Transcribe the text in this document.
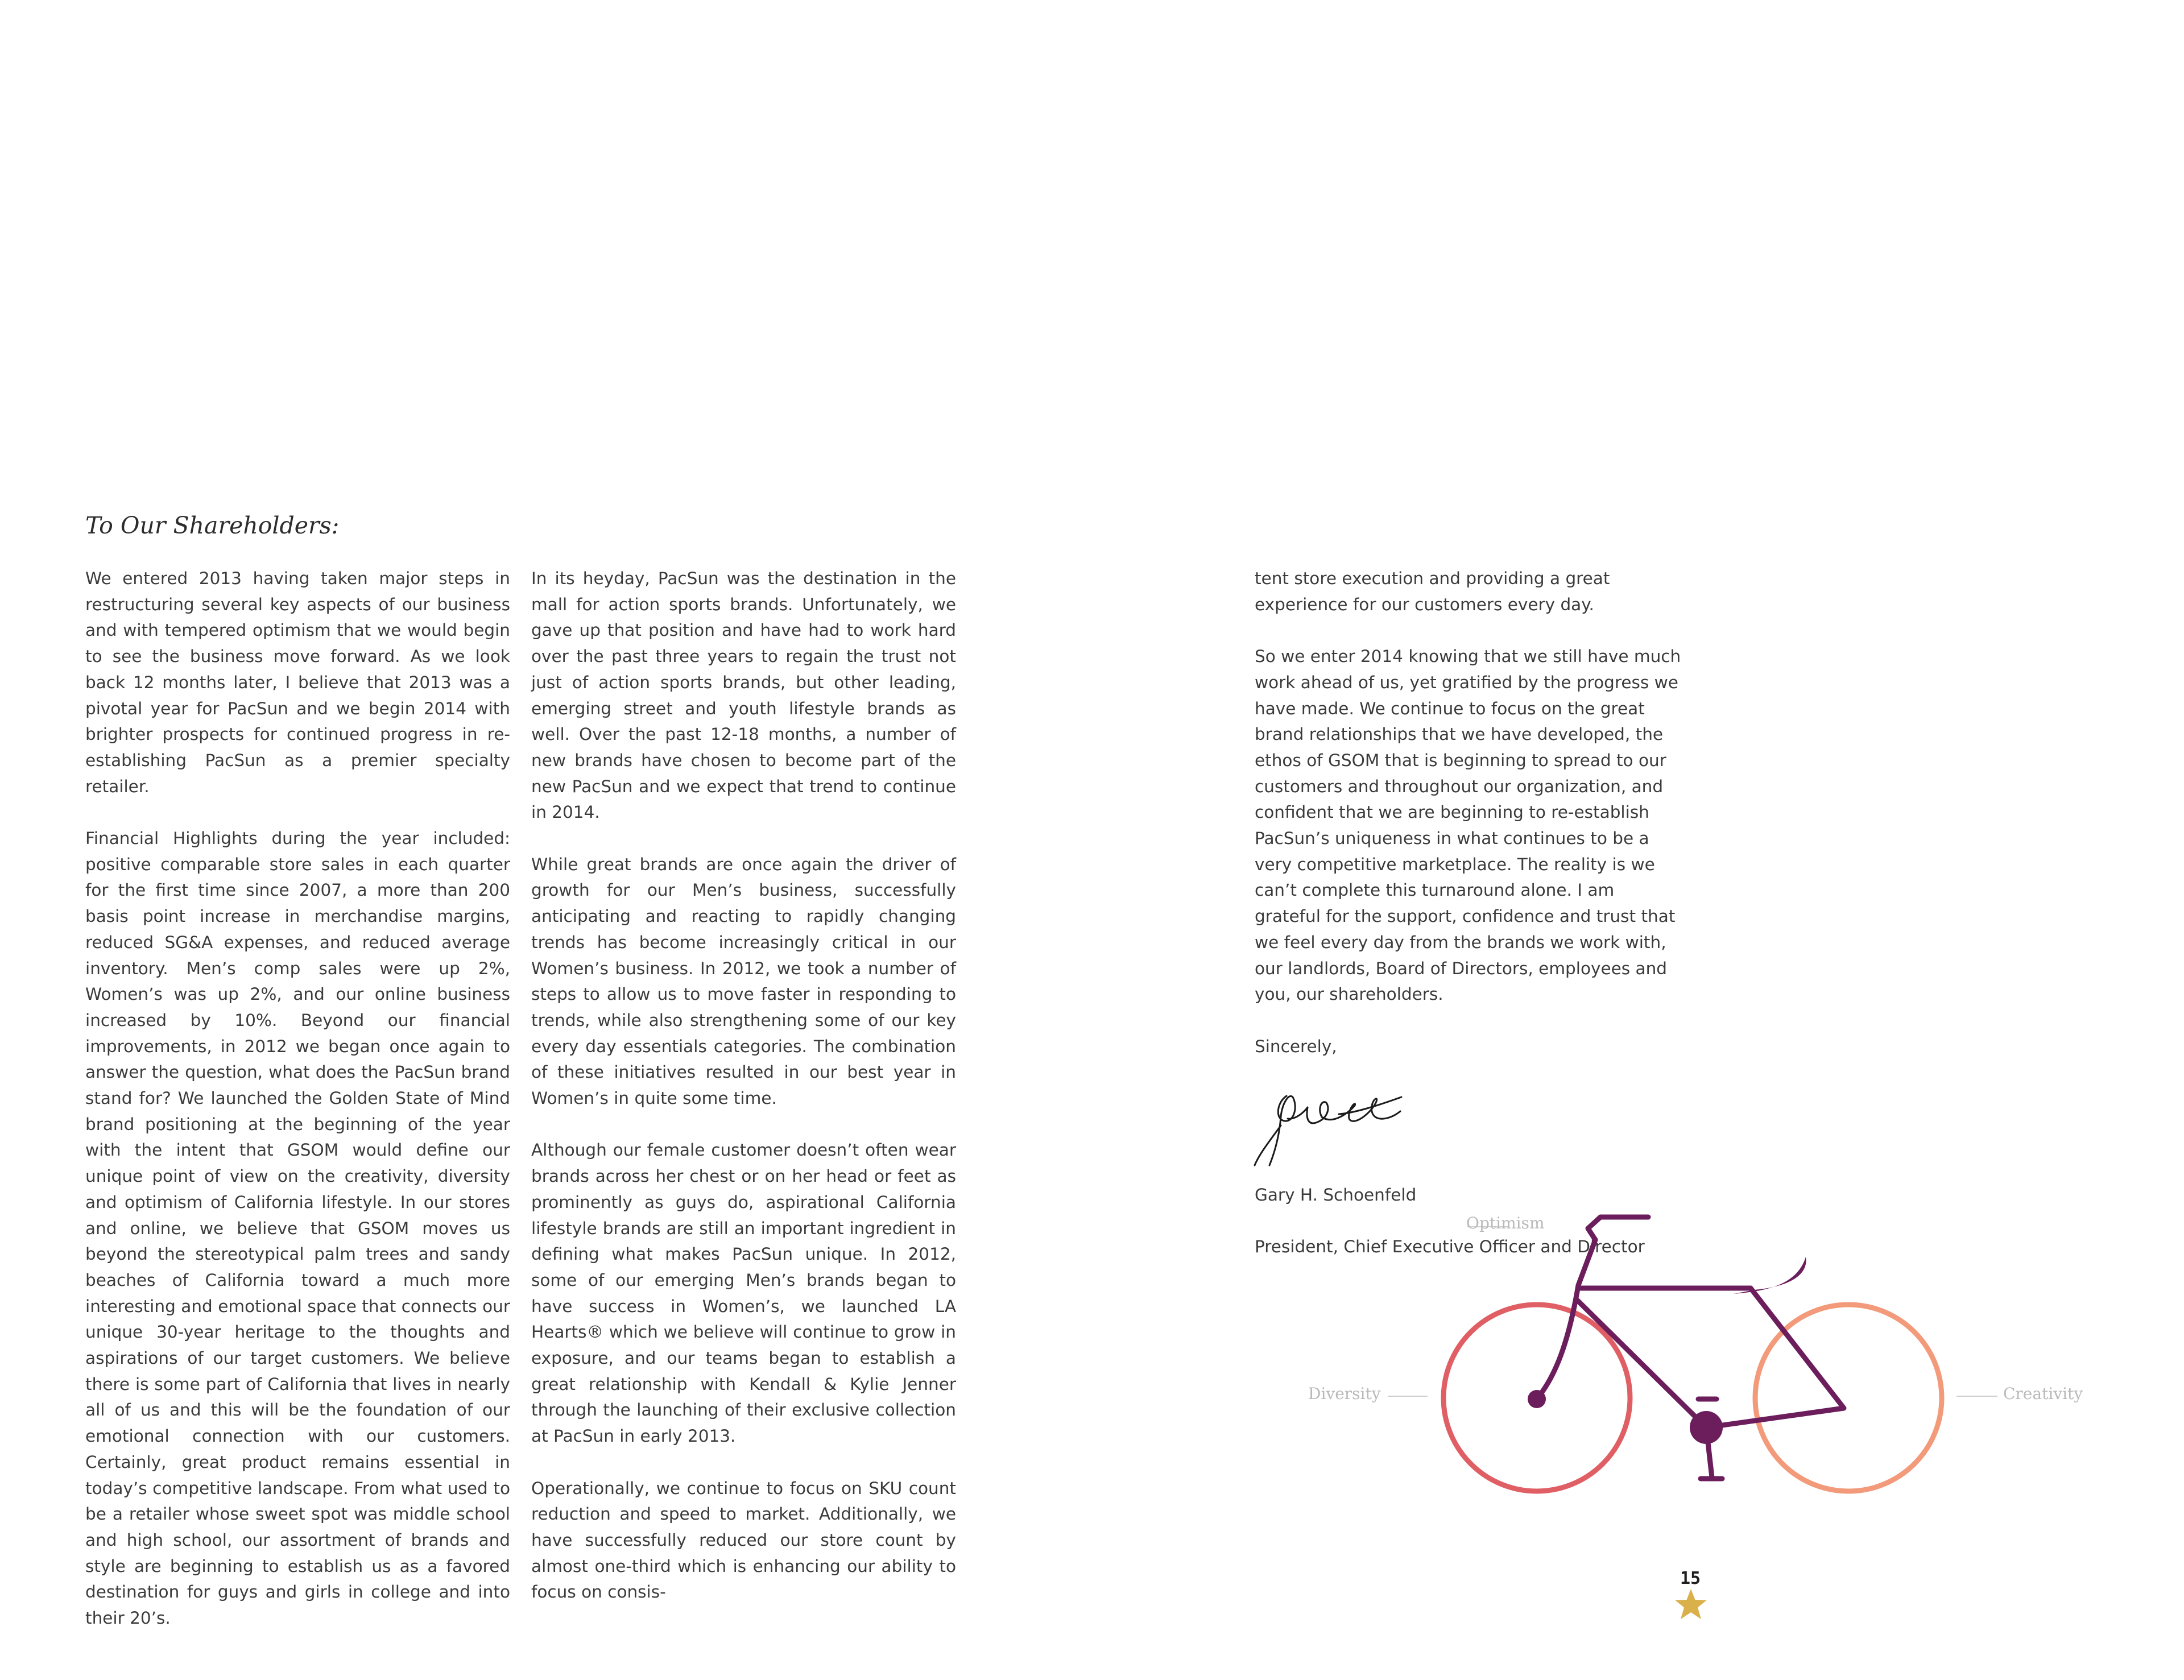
To Our Shareholders:

We entered 2013 having taken major steps in restructuring several key aspects of our business and with tempered optimism that we would begin to see the business move forward. As we look back 12 months later, I believe that 2013 was a pivotal year for PacSun and we begin 2014 with brighter prospects for continued progress in re-establishing PacSun as a premier specialty retailer.

Financial Highlights during the year included: positive comparable store sales in each quarter for the first time since 2007, a more than 200 basis point increase in merchandise margins, reduced SG&A expenses, and reduced average inventory. Men’s comp sales were up 2%, Women’s was up 2%, and our online business increased by 10%. Beyond our financial improvements, in 2012 we began once again to answer the question, what does the PacSun brand stand for? We launched the Golden State of Mind brand positioning at the beginning of the year with the intent that GSOM would define our unique point of view on the creativity, diversity and optimism of California lifestyle. In our stores and online, we believe that GSOM moves us beyond the stereotypical palm trees and sandy beaches of California toward a much more interesting and emotional space that connects our unique 30-year heritage to the thoughts and aspirations of our target customers. We believe there is some part of California that lives in nearly all of us and this will be the foundation of our emotional connection with our customers. Certainly, great product remains essential in today’s competitive landscape. From what used to be a retailer whose sweet spot was middle school and high school, our assortment of brands and style are beginning to establish us as a favored destination for guys and girls in college and into their 20’s.

In its heyday, PacSun was the destination in the mall for action sports brands. Unfortunately, we gave up that position and have had to work hard over the past three years to regain the trust not just of action sports brands, but other leading, emerging street and youth lifestyle brands as well. Over the past 12-18 months, a number of new brands have chosen to become part of the new PacSun and we expect that trend to continue in 2014.

While great brands are once again the driver of growth for our Men’s business, successfully anticipating and reacting to rapidly changing trends has become increasingly critical in our Women’s business. In 2012, we took a number of steps to allow us to move faster in responding to trends, while also strengthening some of our key every day essentials categories. The combination of these initiatives resulted in our best year in Women’s in quite some time.

Although our female customer doesn’t often wear brands across her chest or on her head or feet as prominently as guys do, aspirational California lifestyle brands are still an important ingredient in defining what makes PacSun unique. In 2012, some of our emerging Men’s brands began to have success in Women’s, we launched LA Hearts® which we believe will continue to grow in exposure, and our teams began to establish a great relationship with Kendall & Kylie Jenner through the launching of their exclusive collection at PacSun in early 2013.

Operationally, we continue to focus on SKU count reduction and speed to market. Additionally, we have successfully reduced our store count by almost one-third which is enhancing our ability to focus on consis-

tent store execution and providing a great experience for our customers every day.

So we enter 2014 knowing that we still have much work ahead of us, yet gratified by the progress we have made. We continue to focus on the great brand relationships that we have developed, the ethos of GSOM that is beginning to spread to our customers and throughout our organization, and confident that we are beginning to re-establish PacSun’s uniqueness in what continues to be a very competitive marketplace. The reality is we can’t complete this turnaround alone. I am grateful for the support, confidence and trust that we feel every day from the brands we work with, our landlords, Board of Directors, employees and you, our shareholders.

Sincerely,

Gary H. Schoenfeld

President, Chief Executive Officer and Director

Optimism
Diversity	Creativity
15
